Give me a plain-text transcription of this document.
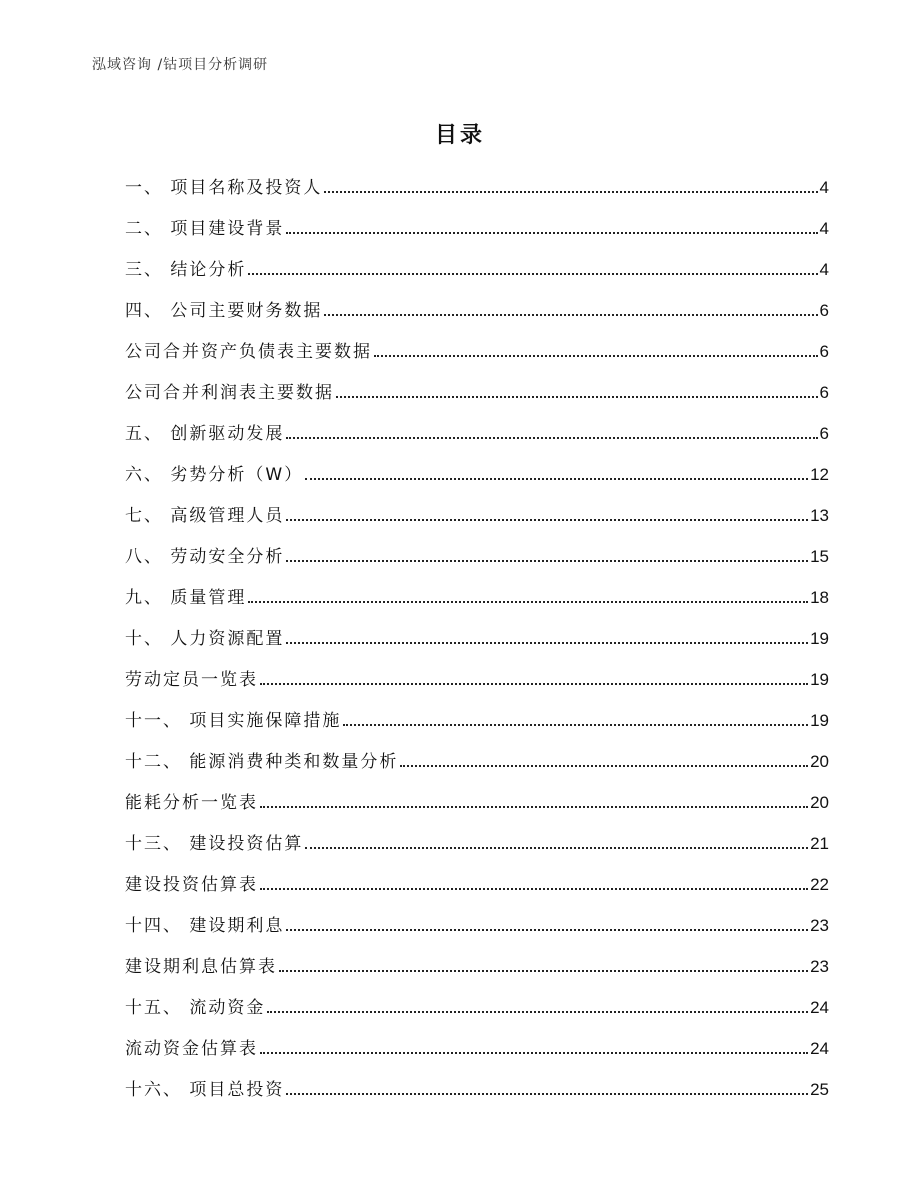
泓域咨询 /钴项目分析调研
目录
一、 项目名称及投资人	4
二、 项目建设背景	4
三、 结论分析	4
四、 公司主要财务数据	6
公司合并资产负债表主要数据	6
公司合并利润表主要数据	6
五、 创新驱动发展	6
六、 劣势分析（W）	12
七、 高级管理人员	13
八、 劳动安全分析	15
九、 质量管理	18
十、 人力资源配置	19
劳动定员一览表	19
十一、 项目实施保障措施	19
十二、 能源消费种类和数量分析	20
能耗分析一览表	20
十三、 建设投资估算	21
建设投资估算表	22
十四、 建设期利息	23
建设期利息估算表	23
十五、 流动资金	24
流动资金估算表	24
十六、 项目总投资	25
